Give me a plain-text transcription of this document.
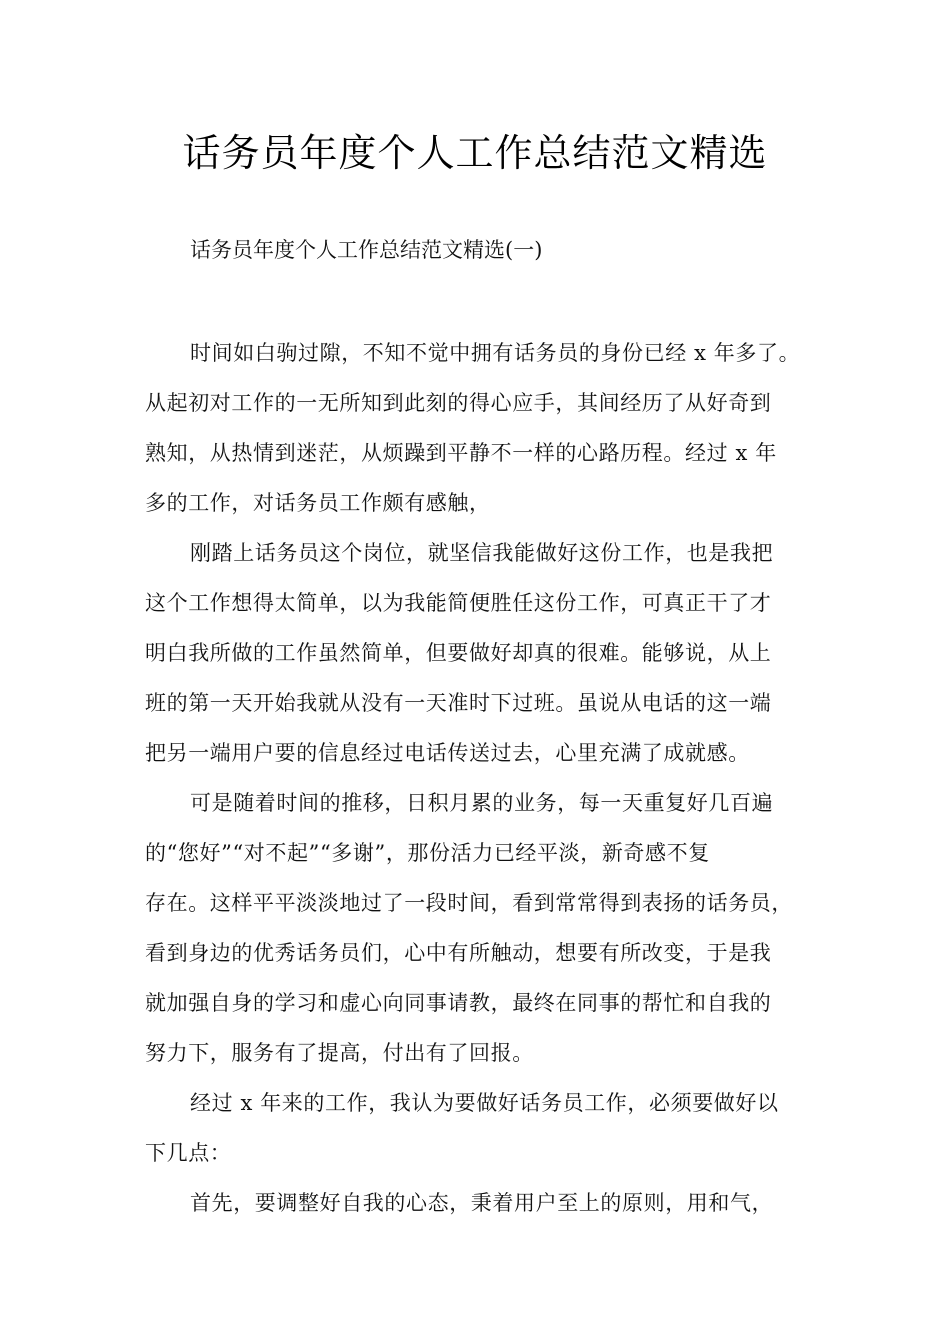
话务员年度个人工作总结范文精选
话务员年度个人工作总结范文精选(一)
时间如白驹过隙，不知不觉中拥有话务员的身份已经 x 年多了。
从起初对工作的一无所知到此刻的得心应手，其间经历了从好奇到
熟知，从热情到迷茫，从烦躁到平静不一样的心路历程。经过 x 年
多的工作，对话务员工作颇有感触，
刚踏上话务员这个岗位，就坚信我能做好这份工作，也是我把
这个工作想得太简单，以为我能简便胜任这份工作，可真正干了才
明白我所做的工作虽然简单，但要做好却真的很难。能够说，从上
班的第一天开始我就从没有一天准时下过班。虽说从电话的这一端
把另一端用户要的信息经过电话传送过去，心里充满了成就感。
可是随着时间的推移，日积月累的业务，每一天重复好几百遍
的“您好”“对不起”“多谢”，那份活力已经平淡，新奇感不复
存在。这样平平淡淡地过了一段时间，看到常常得到表扬的话务员，
看到身边的优秀话务员们，心中有所触动，想要有所改变，于是我
就加强自身的学习和虚心向同事请教，最终在同事的帮忙和自我的
努力下，服务有了提高，付出有了回报。
经过 x 年来的工作，我认为要做好话务员工作，必须要做好以
下几点：
首先，要调整好自我的心态，秉着用户至上的原则，用和气，
